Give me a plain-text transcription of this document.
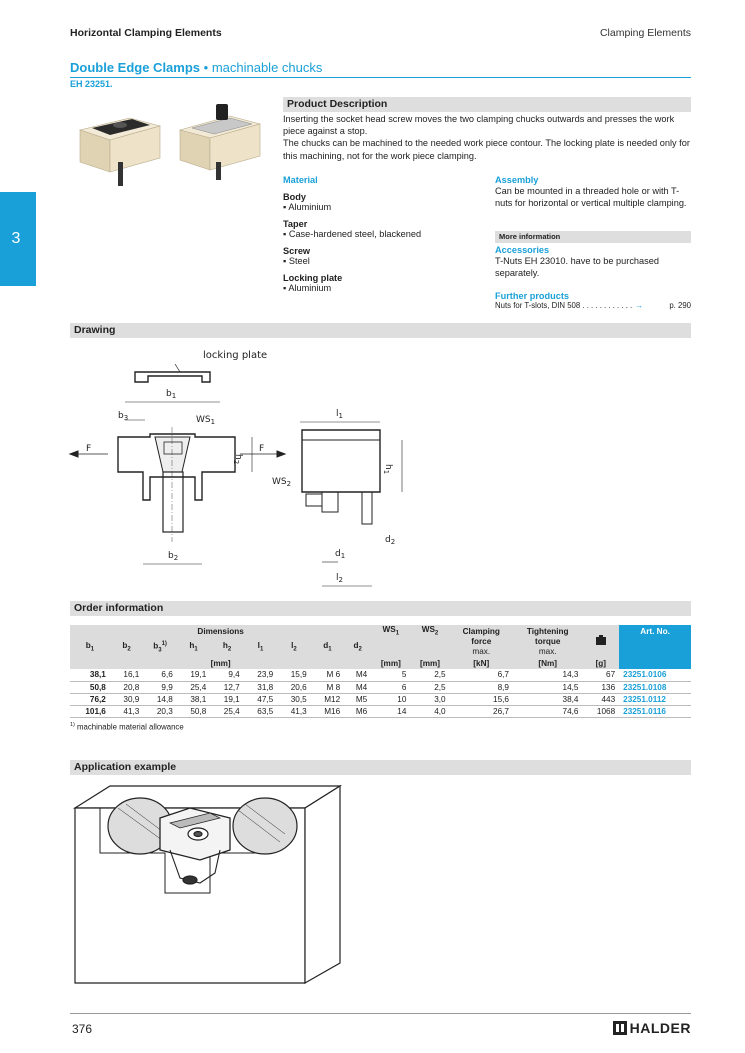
Horizontal Clamping Elements	Clamping Elements
3
Double Edge Clamps • machinable chucks
EH 23251.
Product Description
Inserting the socket head screw moves the two clamping chucks outwards and presses the work piece against a stop.
The chucks can be machined to the needed work piece contour. The locking plate is needed only for this machining, not for the work piece clamping.
Material
Body
▪ Aluminium
Taper
▪ Case-hardened steel, blackened
Screw
▪ Steel
Locking plate
▪ Aluminium
Assembly
Can be mounted in a threaded hole or with T-nuts for horizontal or vertical multiple clamping.
More information
Accessories
T-Nuts EH 23010. have to be purchased separately.
Further products
Nuts for T-slots, DIN 508 . . . . . . . . . . . . →	p. 290
Drawing
locking plate
$b_1$
$b_3$	$WS_1$
F	F
$h_2$
$b_2$
$l_1$
$h_1$
$WS_2$
$d_2$
$d_1$
$l_2$
Order information
Dimensions									$WS_1$	$WS_2$	Clamping	Tightening		Art. No.
$b_1$	$b_2$	$b_3^{1)}$	$h_1$	$h_2$	$l_1$	$l_2$	$d_1$	$d_2$			force
max.	torque
max.		
[mm]									[mm]	[mm]	[kN]	[Nm]	[g]	
38,1	16,1	6,6	19,1	9,4	23,9	15,9	M 6	M4	5	2,5	6,7	14,3	67	23251.0106
50,8	20,8	9,9	25,4	12,7	31,8	20,6	M 8	M4	6	2,5	8,9	14,5	136	23251.0108
76,2	30,9	14,8	38,1	19,1	47,5	30,5	M12	M5	10	3,0	15,6	38,4	443	23251.0112
101,6	41,3	20,3	50,8	25,4	63,5	41,3	M16	M6	14	4,0	26,7	74,6	1068	23251.0116
$^{1)}$ machinable material allowance
Application example
376	HALDER
